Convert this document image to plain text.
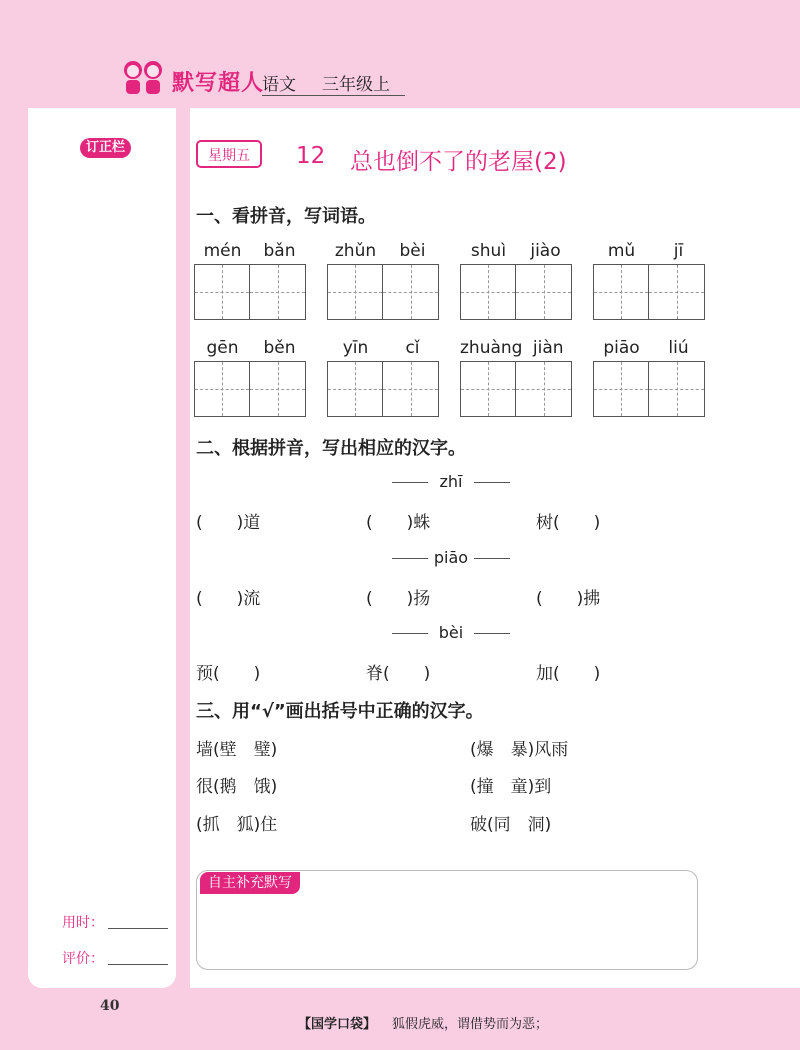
默写超人
语文 三年级上
订正栏
用时：
评价：
星期五	12 总也倒不了的老屋(2)
一、看拼音，写词语。
mén	bǎn	zhǔn	bèi	shuì	jiào	mǔ	jī
gēn	běn	yīn	cǐ	zhuàng jiàn	piāo	liú
二、根据拼音，写出相应的汉字。
zhī
(　　)道	(　　)蛛	树(　　)
piāo
(　　)流	(　　)扬	(　　)拂
bèi
预(　　)	脊(　　)	加(　　)
三、用“√”画出括号中正确的汉字。
墙(壁　璧)	(爆　暴)风雨
很(鹅　饿)	(撞　童)到
(抓　狐)住	破(同　洞)
自主补充默写
40
【国学口袋】 狐假虎威，谓借势而为恶；
